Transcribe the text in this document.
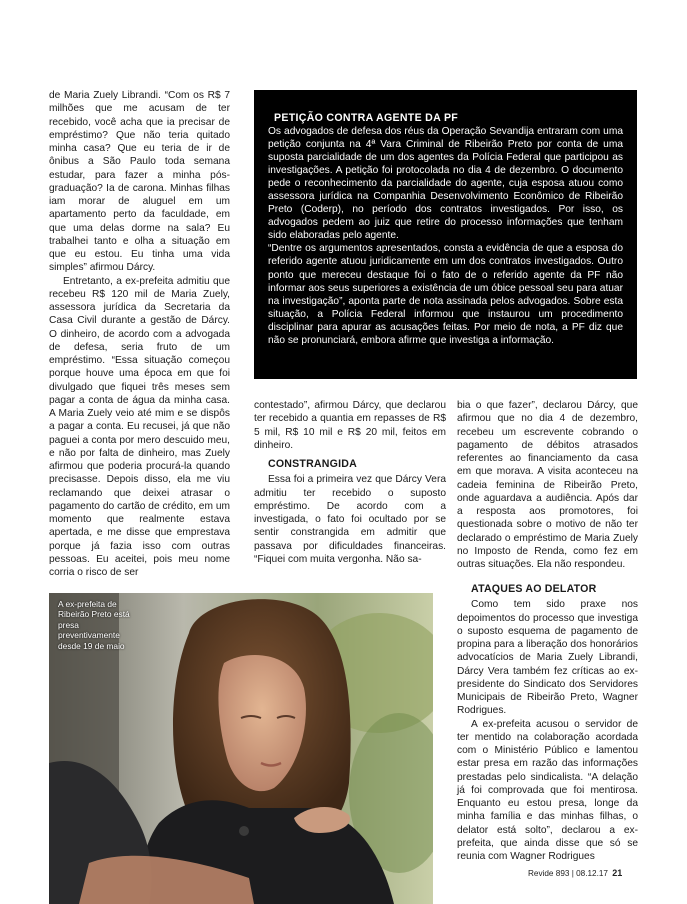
de Maria Zuely Librandi. “Com os R$ 7 milhões que me acusam de ter recebido, você acha que ia precisar de empréstimo? Que não teria quitado minha casa? Que eu teria de ir de ônibus a São Paulo toda semana estudar, para fazer a minha pós-graduação? Ia de carona. Minhas filhas iam morar de aluguel em um apartamento perto da faculdade, em que uma delas dorme na sala? Eu trabalhei tanto e olha a situação em que eu estou. Eu tinha uma vida simples” afirmou Dárcy.

Entretanto, a ex-prefeita admitiu que recebeu R$ 120 mil de Maria Zuely, assessora jurídica da Secretaria da Casa Civil durante a gestão de Dárcy. O dinheiro, de acordo com a advogada de defesa, seria fruto de um empréstimo. “Essa situação começou porque houve uma época em que foi divulgado que fiquei três meses sem pagar a conta de água da minha casa. A Maria Zuely veio até mim e se dispôs a pagar a conta. Eu recusei, já que não paguei a conta por mero descuido meu, e não por falta de dinheiro, mas Zuely afirmou que poderia procurá-la quando precisasse. Depois disso, ela me viu reclamando que deixei atrasar o pagamento do cartão de crédito, em um momento que realmente estava apertada, e me disse que emprestava porque já fazia isso com outras pessoas. Eu aceitei, pois meu nome corria o risco de ser

PETIÇÃO CONTRA AGENTE DA PF

Os advogados de defesa dos réus da Operação Sevandija entraram com uma petição conjunta na 4ª Vara Criminal de Ribeirão Preto por conta de uma suposta parcialidade de um dos agentes da Polícia Federal que participou as investigações. A petição foi protocolada no dia 4 de dezembro. O documento pede o reconhecimento da parcialidade do agente, cuja esposa atuou como assessora jurídica na Companhia Desenvolvimento Econômico de Ribeirão Preto (Coderp), no período dos contratos investigados. Por isso, os advogados pedem ao juiz que retire do processo informações que tenham sido elaboradas pelo agente.

“Dentre os argumentos apresentados, consta a evidência de que a esposa do referido agente atuou juridicamente em um dos contratos investigados. Outro ponto que mereceu destaque foi o fato de o referido agente da PF não informar aos seus superiores a existência de um óbice pessoal seu para atuar na investigação”, aponta parte de nota assinada pelos advogados. Sobre esta situação, a Polícia Federal informou que instaurou um procedimento disciplinar para apurar as acusações feitas. Por meio de nota, a PF diz que não se pronunciará, embora afirme que investiga a informação.

contestado”, afirmou Dárcy, que declarou ter recebido a quantia em repasses de R$ 5 mil, R$ 10 mil e R$ 20 mil, feitos em dinheiro.

CONSTRANGIDA

Essa foi a primeira vez que Dárcy Vera admitiu ter recebido o suposto empréstimo. De acordo com a investigada, o fato foi ocultado por se sentir constrangida em admitir que passava por dificuldades financeiras. “Fiquei com muita vergonha. Não sa-

bia o que fazer”, declarou Dárcy, que afirmou que no dia 4 de dezembro, recebeu um escrevente cobrando o pagamento de débitos atrasados referentes ao financiamento da casa em que morava. A visita aconteceu na cadeia feminina de Ribeirão Preto, onde aguardava a audiência. Após dar a resposta aos promotores, foi questionada sobre o motivo de não ter declarado o empréstimo de Maria Zuely no Imposto de Renda, como fez em outras situações. Ela não respondeu.

ATAQUES AO DELATOR

Como tem sido praxe nos depoimentos do processo que investiga o suposto esquema de pagamento de propina para a liberação dos honorários advocatícios de Maria Zuely Librandi, Dárcy Vera também fez críticas ao ex-presidente do Sindicato dos Servidores Municipais de Ribeirão Preto, Wagner Rodrigues.

A ex-prefeita acusou o servidor de ter mentido na colaboração acordada com o Ministério Público e lamentou estar presa em razão das informações prestadas pelo sindicalista. “A delação já foi comprovada que foi mentirosa. Enquanto eu estou presa, longe da minha família e das minhas filhas, o delator está solto”, declarou a ex-prefeita, que ainda disse que só se reunia com Wagner Rodrigues

A ex-prefeita de Ribeirão Preto está presa preventivamente desde 19 de maio
Revide 893 | 08.12.17 21
